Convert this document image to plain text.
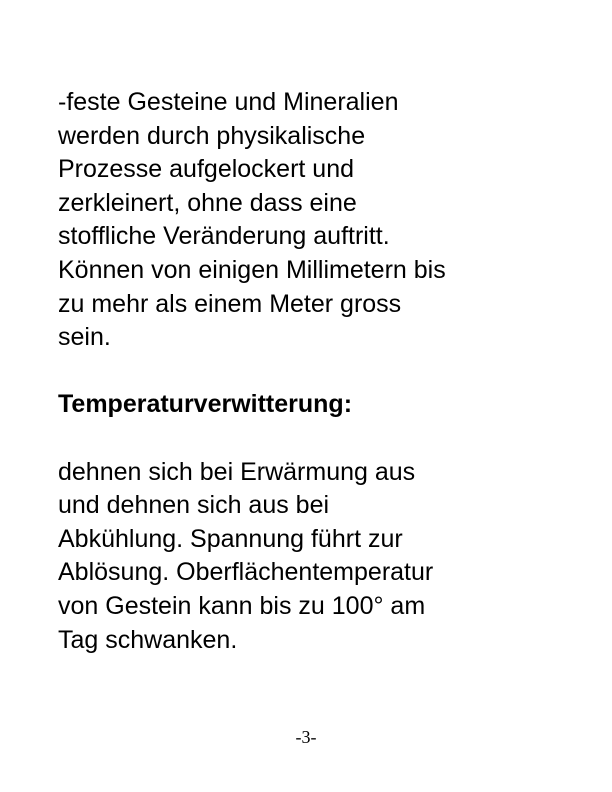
-feste Gesteine und Mineralien
werden durch physikalische
Prozesse aufgelockert und
zerkleinert, ohne dass eine
stoffliche Veränderung auftritt.
Können von einigen Millimetern bis
zu mehr als einem Meter gross
sein.

Temperaturverwitterung:

dehnen sich bei Erwärmung aus
und dehnen sich aus bei
Abkühlung. Spannung führt zur
Ablösung. Oberflächentemperatur
von Gestein kann bis zu 100° am
Tag schwanken.

-3-
